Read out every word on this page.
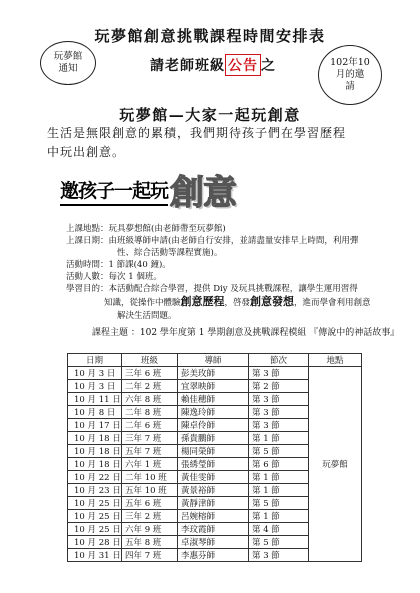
玩夢館
通知
102年10
月的邀
請
玩夢館創意挑戰課程時間安排表
請老師班級 公告 之
玩夢館—大家一起玩創意
生活是無限創意的累積，我們期待孩子們在學習歷程
中玩出創意。
邀孩子一起玩 創意
上課地點：玩具夢想館(由老師帶至玩夢館)
上課日期：由班級導師申請(由老師自行安排，並請盡量安排早上時間，利用彈
性、綜合活動等課程實施)。
活動時間：1 節課(40 鐘)。
活動人數：每次 1 個班。
學習目的：本活動配合綜合學習，提供 Diy 及玩具挑戰課程，讓學生運用習得
知識，從操作中體驗創意歷程，啓發創意發想，進而學會利用創意
解決生活問題。
課程主題 ：102 學年度第 1 學期創意及挑戰課程模組 『傳說中的神話故事』
日期	班級	導師	節次	地點
10 月 3 日	三年 6 班	彭美玫師	第 3 節	玩夢館
10 月 3 日	二年 2 班	宜翠映師	第 2 節	
10 月 11 日	六年 8 班	賴佳穗師	第 3 節	
10 月 8 日	二年 8 班	陳逸玲師	第 3 節	
10 月 17 日	二年 6 班	陳卓伶師	第 3 節	
10 月 18 日	三年 7 班	孫貴鵬師	第 1 節	
10 月 18 日	五年 7 班	楊同榮師	第 5 節	
10 月 18 日	六年 1 班	張綉瑩師	第 6 節	
10 月 22 日	二年 10 班	黃佳雯師	第 1 節	
10 月 23 日	五年 10 班	黃景裕師	第 1 節	
10 月 25 日	五年 6 班	黃靜津師	第 5 節	
10 月 25 日	三年 2 班	呂婉榕師	第 1 節	
10 月 25 日	六年 9 班	李玟霞師	第 4 節	
10 月 28 日	五年 8 班	卓淑琴師	第 5 節	
10 月 31 日	四年 7 班	李惠芬師	第 3 節	
